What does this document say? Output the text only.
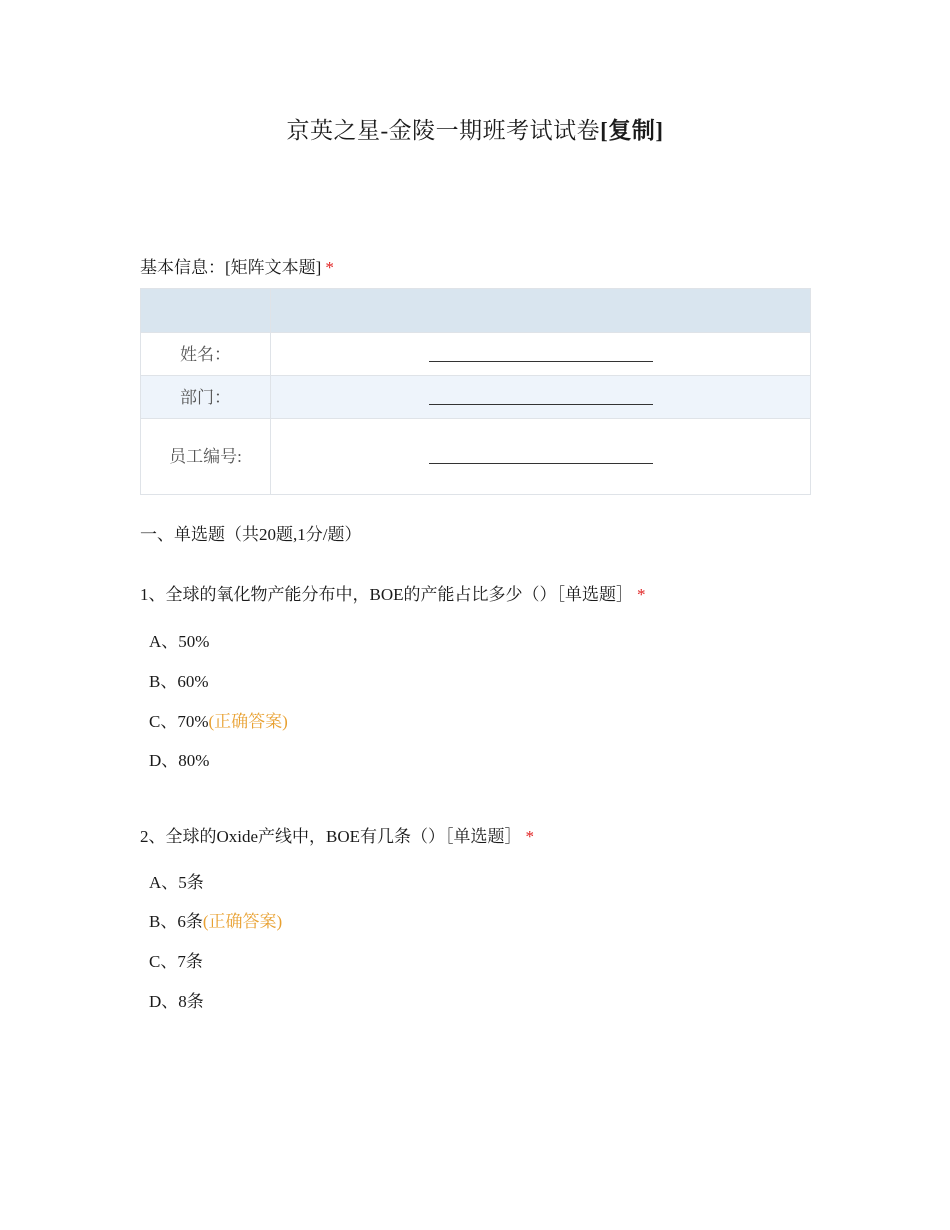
京英之星-金陵一期班考试试卷[复制]
基本信息：[矩阵文本题] *

姓名：	
部门：	
员工编号:	
一、单选题（共20题,1分/题）
1、全球的氧化物产能分布中，BOE的产能占比多少（）［单选题］ *
A、50%
B、60%
C、70%(正确答案)
D、80%
2、全球的Oxide产线中，BOE有几条（）［单选题］ *
A、5条
B、6条(正确答案)
C、7条
D、8条
